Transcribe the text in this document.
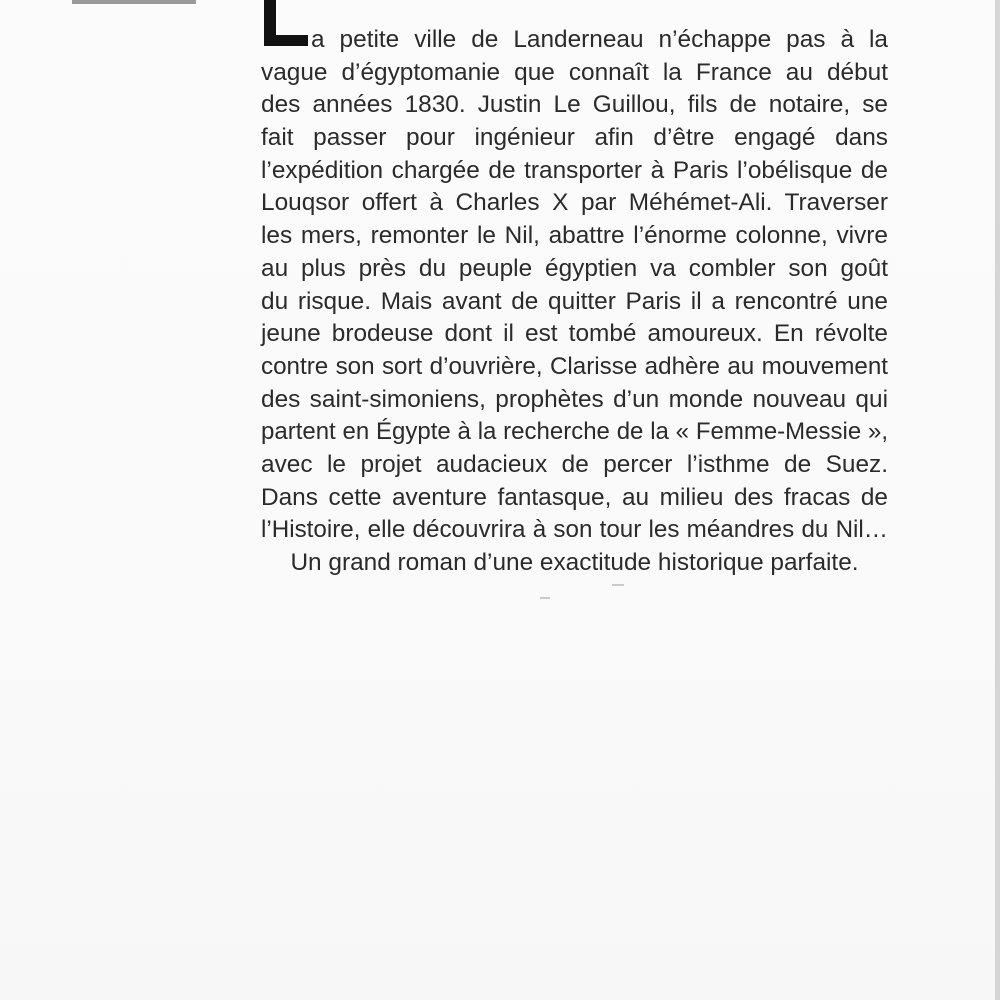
a petite ville de Landerneau n’échappe pas à la
vague d’égyptomanie que connaît la France au début
des années 1830. Justin Le Guillou, fils de notaire, se
fait passer pour ingénieur afin d’être engagé dans
l’expédition chargée de transporter à Paris l’obélisque de
Louqsor offert à Charles X par Méhémet-Ali. Traverser
les mers, remonter le Nil, abattre l’énorme colonne, vivre
au plus près du peuple égyptien va combler son goût
du risque. Mais avant de quitter Paris il a rencontré une
jeune brodeuse dont il est tombé amoureux. En révolte
contre son sort d’ouvrière, Clarisse adhère au mouvement
des saint-simoniens, prophètes d’un monde nouveau qui
partent en Égypte à la recherche de la « Femme-Messie »,
avec le projet audacieux de percer l’isthme de Suez.
Dans cette aventure fantasque, au milieu des fracas de
l’Histoire, elle découvrira à son tour les méandres du Nil…
Un grand roman d’une exactitude historique parfaite.
